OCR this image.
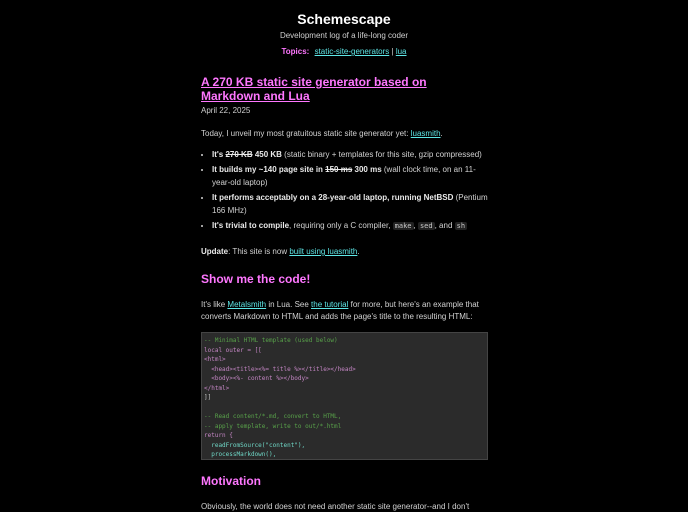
Schemescape
Development log of a life-long coder
Topics: static-site-generators | lua
A 270 KB static site generator based on Markdown and Lua
April 22, 2025

Today, I unveil my most gratuitous static site generator yet: luasmith.

• It's 270 KB 450 KB (static binary + templates for this site, gzip compressed)
• It builds my ~140 page site in 150 ms 300 ms (wall clock time, on an 11-year-old laptop)
• It performs acceptably on a 28-year-old laptop, running NetBSD (Pentium 166 MHz)
• It's trivial to compile, requiring only a C compiler, make , sed , and sh

Update: This site is now built using luasmith.

Show me the code!

It's like Metalsmith in Lua. See the tutorial for more, but here's an example that converts Markdown to HTML and adds the page's title to the resulting HTML:

-- Minimal HTML template (used below)
local outer = [[
<html>
<head><title><%= title %></title></head>
<body><%- content %></body>
</html>
]]

-- Read content/*.md, convert to HTML,
-- apply template, write to out/*.html
return {
readFromSource("content"),
processMarkdown(),
Motivation

Obviously, the world does not need another static site generator--and I don't
